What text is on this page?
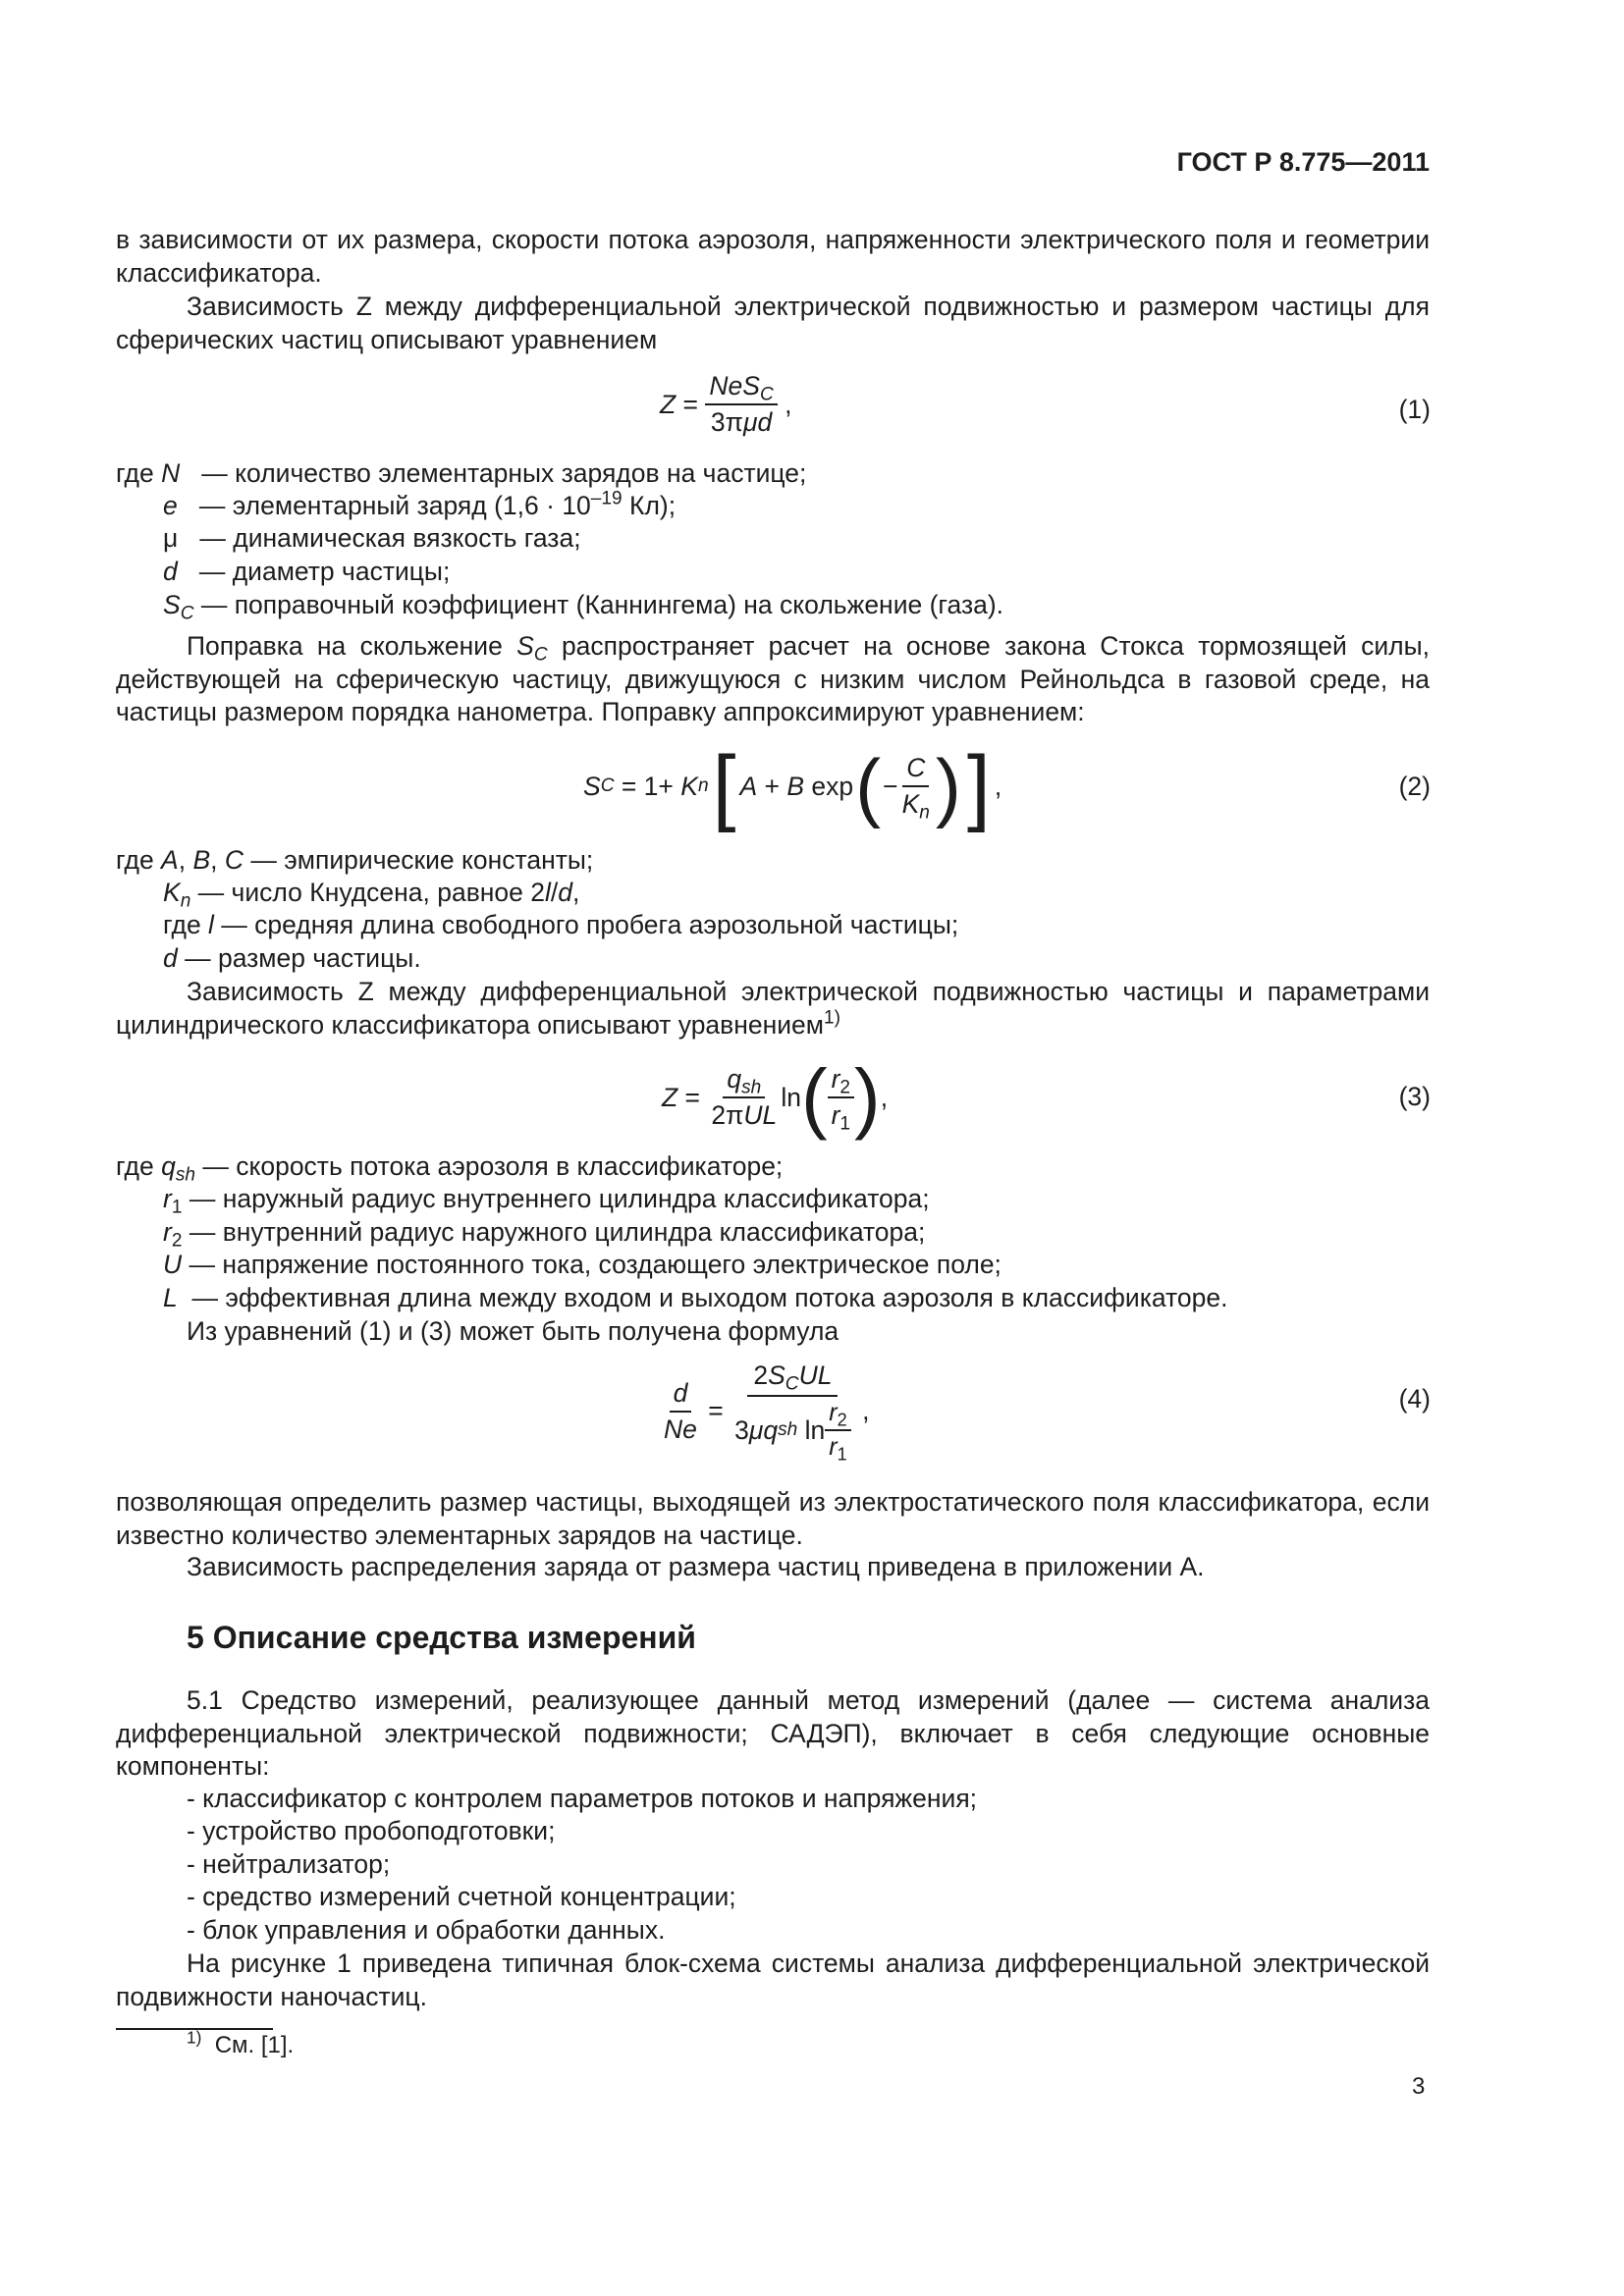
ГОСТ Р 8.775—2011
в зависимости от их размера, скорости потока аэрозоля, напряженности электрического поля и геометрии классификатора.
Зависимость Z между дифференциальной электрической подвижностью и размером частицы для сферических частиц описывают уравнением
$Z = \frac{NeS_C}{\text{3πμd}}$ ,	(1)
где N — количество элементарных зарядов на частице;
e — элементарный заряд ($1,6 \cdot 10^{-19}$ Кл);
μ — динамическая вязкость газа;
d — диаметр частицы;
$S_C$ — поправочный коэффициент (Каннингема) на скольжение (газа).
Поправка на скольжение $S_C$ распространяет расчет на основе закона Стокса тормозящей силы, действующей на сферическую частицу, движущуюся с низким числом Рейнольдса в газовой среде, на частицы размером порядка нанометра. Поправку аппроксимируют уравнением:
S C = 1+ K n [ A + B exp ( − $\frac{C}{K_n}$ ) ] ,	(2)
где A, B, C — эмпирические константы;
$K_n$ — число Кнудсена, равное 2l/d,
где l — средняя длина свободного пробега аэрозольной частицы;
d — размер частицы.
Зависимость Z между дифференциальной электрической подвижностью частицы и параметрами цилиндрического классификатора описывают уравнением$^{1)}$
$Z = \frac{q_{sh}}{\text{2πUL}}$ ln ( $\frac{r_2}{r_1}$ ) ,	(3)
где $q_{sh}$ — скорость потока аэрозоля в классификаторе;
$r_1$ — наружный радиус внутреннего цилиндра классификатора;
$r_2$ — внутренний радиус наружного цилиндра классификатора;
U — напряжение постоянного тока, создающего электрическое поле;
L  — эффективная длина между входом и выходом потока аэрозоля в классификаторе.
Из уравнений (1) и (3) может быть получена формула
$\frac{d}{Ne} = \frac{2S_CUL}{3 \mu q sh \ln \frac{r_2}{r_1}}$ ,	(4)
позволяющая определить размер частицы, выходящей из электростатического поля классификатора, если известно количество элементарных зарядов на частице.
Зависимость распределения заряда от размера частиц приведена в приложении А.
5 Описание средства измерений
5.1 Средство измерений, реализующее данный метод измерений (далее — система анализа дифференциальной электрической подвижности; САДЭП), включает в себя следующие основные компоненты:
- классификатор с контролем параметров потоков и напряжения;
- устройство пробоподготовки;
- нейтрализатор;
- средство измерений счетной концентрации;
- блок управления и обработки данных.
На рисунке 1 приведена типичная блок-схема системы анализа дифференциальной электрической подвижности наночастиц.
$^{1)}$ См. [1].
3
